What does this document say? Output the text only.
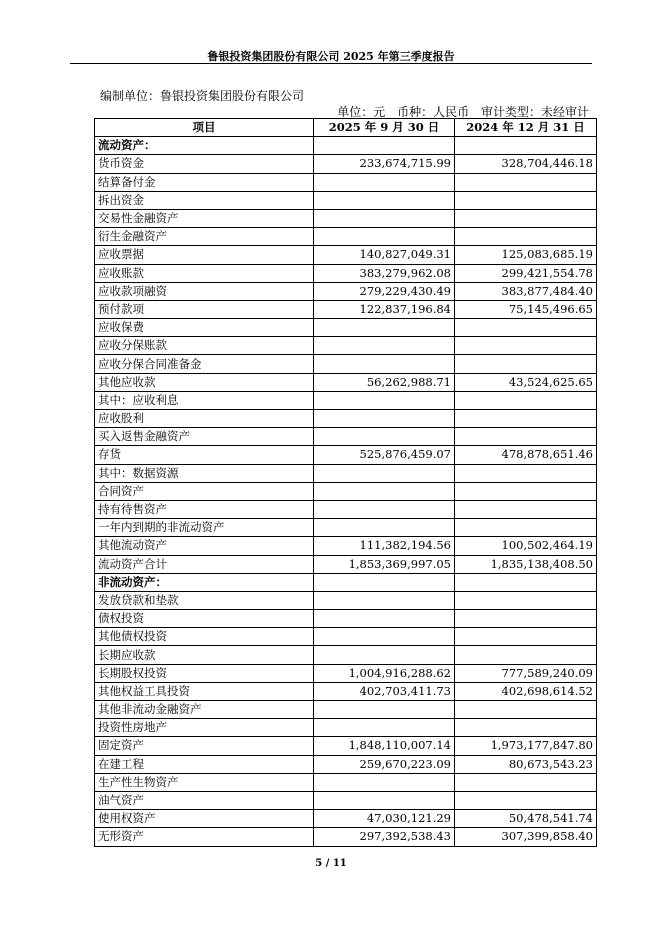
鲁银投资集团股份有限公司 2025 年第三季度报告
编制单位：鲁银投资集团股份有限公司
单位：元 币种：人民币 审计类型：未经审计
项目	2025 年 9 月 30 日	2024 年 12 月 31 日
流动资产：		
货币资金	233,674,715.99	328,704,446.18
结算备付金		
拆出资金		
交易性金融资产		
衍生金融资产		
应收票据	140,827,049.31	125,083,685.19
应收账款	383,279,962.08	299,421,554.78
应收款项融资	279,229,430.49	383,877,484.40
预付款项	122,837,196.84	75,145,496.65
应收保费		
应收分保账款		
应收分保合同准备金		
其他应收款	56,262,988.71	43,524,625.65
其中：应收利息		
应收股利		
买入返售金融资产		
存货	525,876,459.07	478,878,651.46
其中：数据资源		
合同资产		
持有待售资产		
一年内到期的非流动资产		
其他流动资产	111,382,194.56	100,502,464.19
流动资产合计	1,853,369,997.05	1,835,138,408.50
非流动资产：		
发放贷款和垫款		
债权投资		
其他债权投资		
长期应收款		
长期股权投资	1,004,916,288.62	777,589,240.09
其他权益工具投资	402,703,411.73	402,698,614.52
其他非流动金融资产		
投资性房地产		
固定资产	1,848,110,007.14	1,973,177,847.80
在建工程	259,670,223.09	80,673,543.23
生产性生物资产		
油气资产		
使用权资产	47,030,121.29	50,478,541.74
无形资产	297,392,538.43	307,399,858.40
5 / 11
